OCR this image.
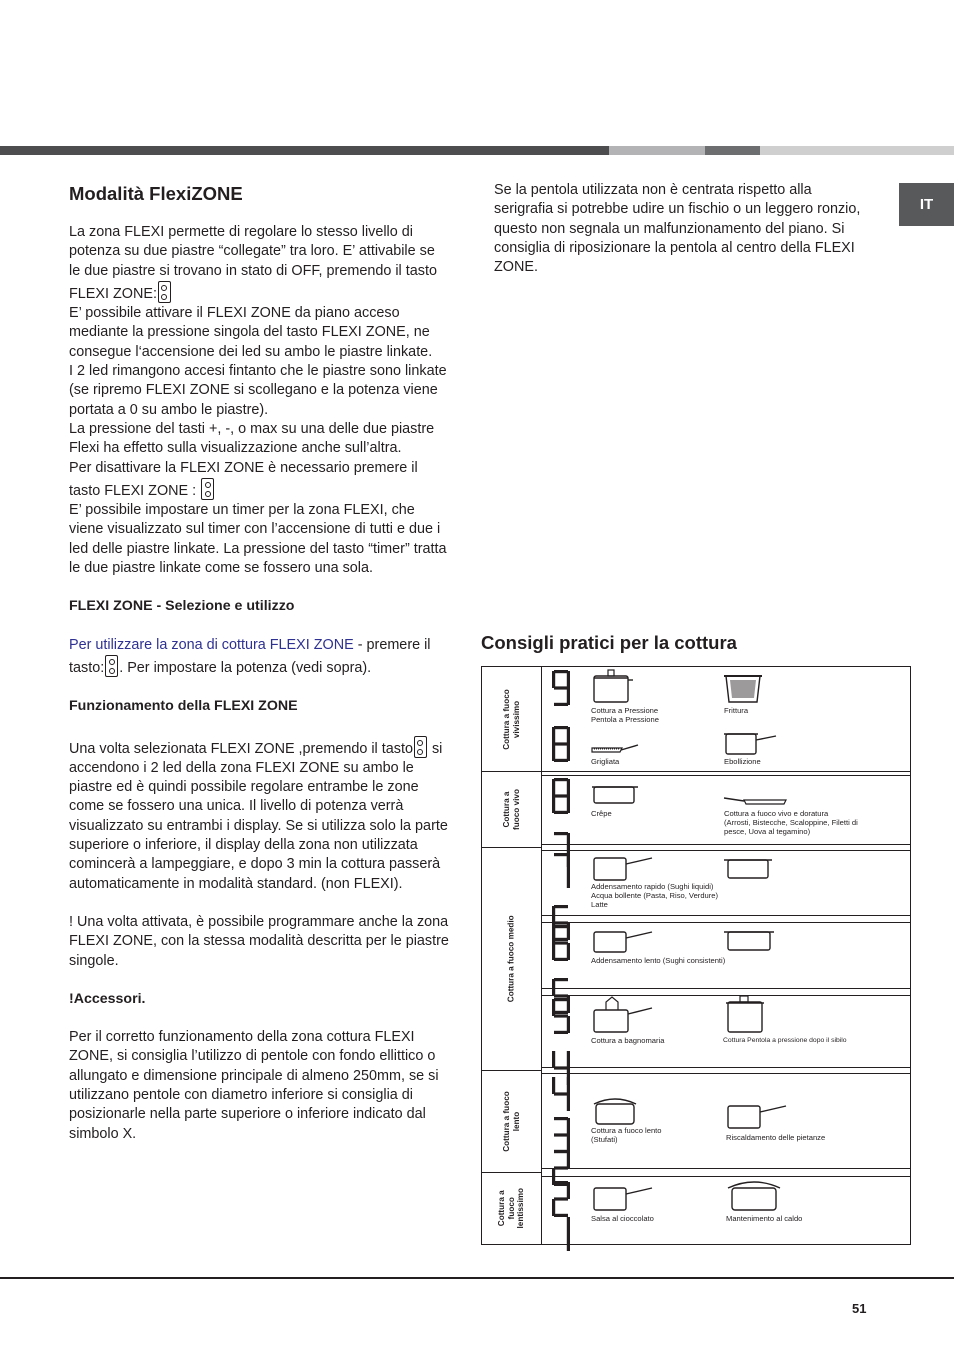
IT
Modalità FlexiZONE

La zona FLEXI permette di regolare lo stesso livello di potenza su due piastre “collegate” tra loro. E’ attivabile se le due piastre si trovano in stato di OFF, premendo il tasto FLEXI ZONE:

E’ possibile attivare il FLEXI ZONE da piano acceso mediante la pressione singola del tasto FLEXI ZONE, ne consegue l‘accensione dei led su ambo le piastre linkate.

I 2 led rimangono accesi fintanto che le piastre sono linkate (se ripremo FLEXI ZONE si scollegano e la potenza viene portata a 0 su ambo le piastre).

La pressione del tasti +, -, o max su una delle due piastre Flexi ha effetto sulla visualizzazione anche sull’altra.

Per disattivare la FLEXI ZONE è necessario premere il tasto FLEXI ZONE :

E’ possibile impostare un timer per la zona FLEXI, che viene visualizzato sul timer con l’accensione di tutti e due i led delle piastre linkate. La pressione del tasto “timer” tratta le due piastre linkate come se fossero una sola.

FLEXI ZONE - Selezione e utilizzo

Per utilizzare la zona di cottura FLEXI ZONE - premere il tasto: . Per impostare la potenza (vedi sopra).

Funzionamento della FLEXI ZONE

Una volta selezionata FLEXI ZONE ,premendo il tasto si accendono i 2 led della zona FLEXI ZONE su ambo le piastre ed è quindi possibile regolare entrambe le zone come se fossero una unica. Il livello di potenza verrà visualizzato su entrambi i display. Se si utilizza solo la parte superiore o inferiore, il display della zona non utilizzata comincerà a lampeggiare, e dopo 3 min la cottura passerà automaticamente in modalità standard. (non FLEXI).

! Una volta attivata, è possibile programmare anche la zona FLEXI ZONE, con la stessa modalità descritta per le piastre singole.

!Accessori.

Per il corretto funzionamento della zona cottura FLEXI ZONE, si consiglia l’utilizzo di pentole con fondo ellittico o allungato e dimensione principale di almeno 250mm, se si utilizzano pentole con diametro inferiore si consiglia di posizionarle nella parte superiore o inferiore indicato dal simbolo X.

Se la pentola utilizzata non è centrata rispetto alla serigrafia si potrebbe udire un fischio o un leggero ronzio, questo non segnala un malfunzionamento del piano. Si consiglia di riposizionare la pentola al centro della FLEXI ZONE.
Consigli pratici per la cottura
Cottura a fuoco
vivissimo
Cottura a
fuoco vivo
Cottura a fuoco medio
Cottura a fuoco
lento
Cottura a
fuoco
lentissimo
Cottura a Pressione
Pentola a Pressione
Frittura
Grigliata	Ebollizione
Crêpe	Cottura a fuoco vivo e doratura
(Arrosti, Bistecche, Scaloppine, Filetti di
pesce, Uova al tegamino)
Addensamento rapido (Sughi liquidi)
Acqua bollente (Pasta, Riso, Verdure)
Latte
Addensamento lento (Sughi consistenti)
Cottura a bagnomaria	Cottura Pentola a pressione dopo il sibilo
Cottura a fuoco lento
(Stufati)	Riscaldamento delle pietanze
Salsa al cioccolato	Mantenimento al caldo
51
